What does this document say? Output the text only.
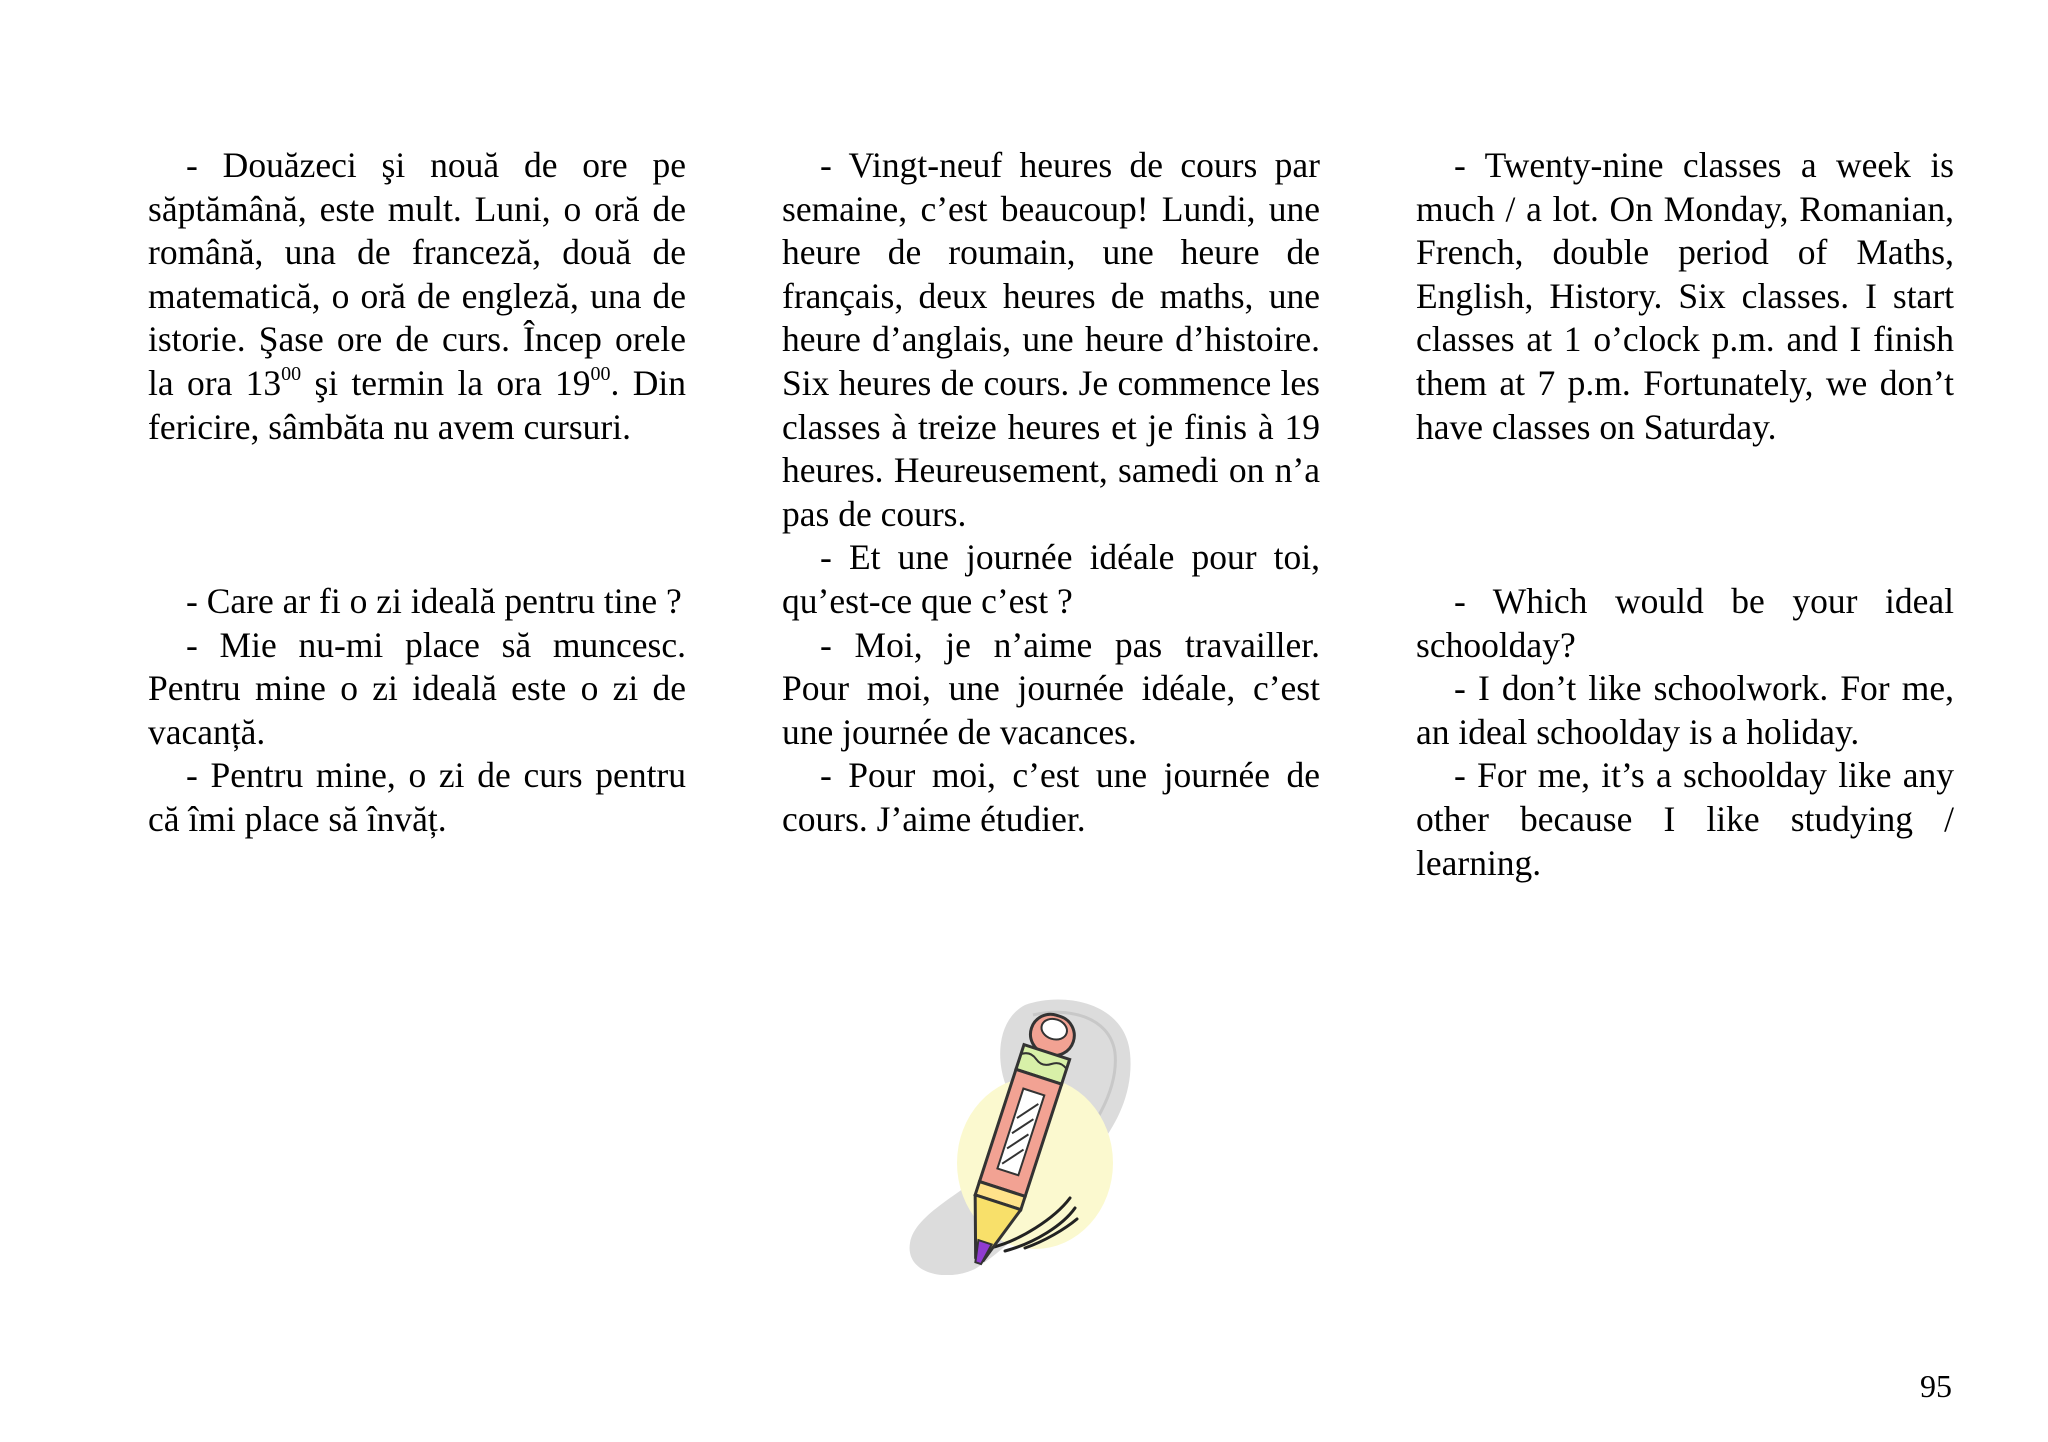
- Douăzeci şi nouă de ore pe săptămână, este mult. Luni, o oră de română, una de franceză, două de matematică, o oră de engleză, una de istorie. Şase ore de curs. Încep orele la ora $13^{00}$ şi termin la ora $19^{00}$. Din fericire, sâmbăta nu avem cursuri.

- Care ar fi o zi ideală pentru tine ?

- Mie nu-mi place să muncesc. Pentru mine o zi ideală este o zi de vacanță.

- Pentru mine, o zi de curs pentru că îmi place să învăț.

- Vingt-neuf heures de cours par semaine, c’est beaucoup! Lundi, une heure de roumain, une heure de français, deux heures de maths, une heure d’anglais, une heure d’histoire. Six heures de cours. Je commence les classes à treize heures et je finis à 19 heures. Heureusement, samedi on n’a pas de cours.

- Et une journée idéale pour toi, qu’est-ce que c’est ?

- Moi, je n’aime pas travailler. Pour moi, une journée idéale, c’est une journée de vacances.

- Pour moi, c’est une journée de cours. J’aime étudier.

- Twenty-nine classes a week is much / a lot. On Monday, Romanian, French, double period of Maths, English, History. Six classes. I start classes at 1 o’clock p.m. and I finish them at 7 p.m. Fortunately, we don’t have classes on Saturday.

- Which would be your ideal schoolday?

- I don’t like schoolwork. For me, an ideal schoolday is a holiday.

- For me, it’s a schoolday like any other because I like studying / learning.

95
